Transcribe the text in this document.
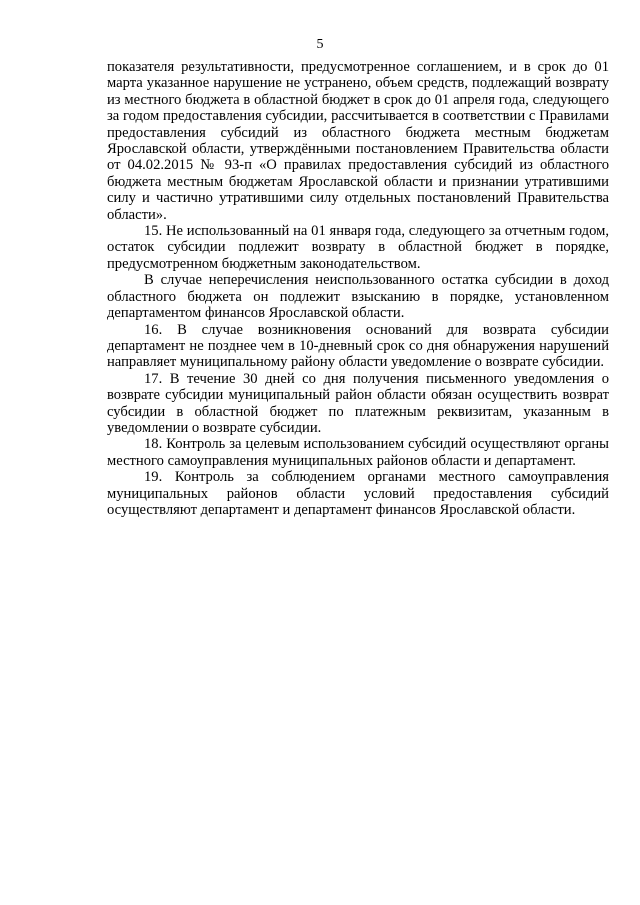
5

показателя результативности, предусмотренное соглашением, и в срок до 01 марта указанное нарушение не устранено, объем средств, подлежащий возврату из местного бюджета в областной бюджет в срок до 01 апреля года, следующего за годом предоставления субсидии, рассчитывается в соответствии с Правилами предоставления субсидий из областного бюджета местным бюджетам Ярославской области, утверждёнными постановлением Правительства области от 04.02.2015 № 93-п «О правилах предоставления субсидий из областного бюджета местным бюджетам Ярославской области и признании утратившими силу и частично утратившими силу отдельных постановлений Правительства области».

15. Не использованный на 01 января года, следующего за отчетным годом, остаток субсидии подлежит возврату в областной бюджет в порядке, предусмотренном бюджетным законодательством.

В случае неперечисления неиспользованного остатка субсидии в доход областного бюджета он подлежит взысканию в порядке, установленном департаментом финансов Ярославской области.

16. В случае возникновения оснований для возврата субсидии департамент не позднее чем в 10-дневный срок со дня обнаружения нарушений направляет муниципальному району области уведомление о возврате субсидии.

17. В течение 30 дней со дня получения письменного уведомления о возврате субсидии муниципальный район области обязан осуществить возврат субсидии в областной бюджет по платежным реквизитам, указанным в уведомлении о возврате субсидии.

18. Контроль за целевым использованием субсидий осуществляют органы местного самоуправления муниципальных районов области и департамент.

19. Контроль за соблюдением органами местного самоуправления муниципальных районов области условий предоставления субсидий осуществляют департамент и департамент финансов Ярославской области.
